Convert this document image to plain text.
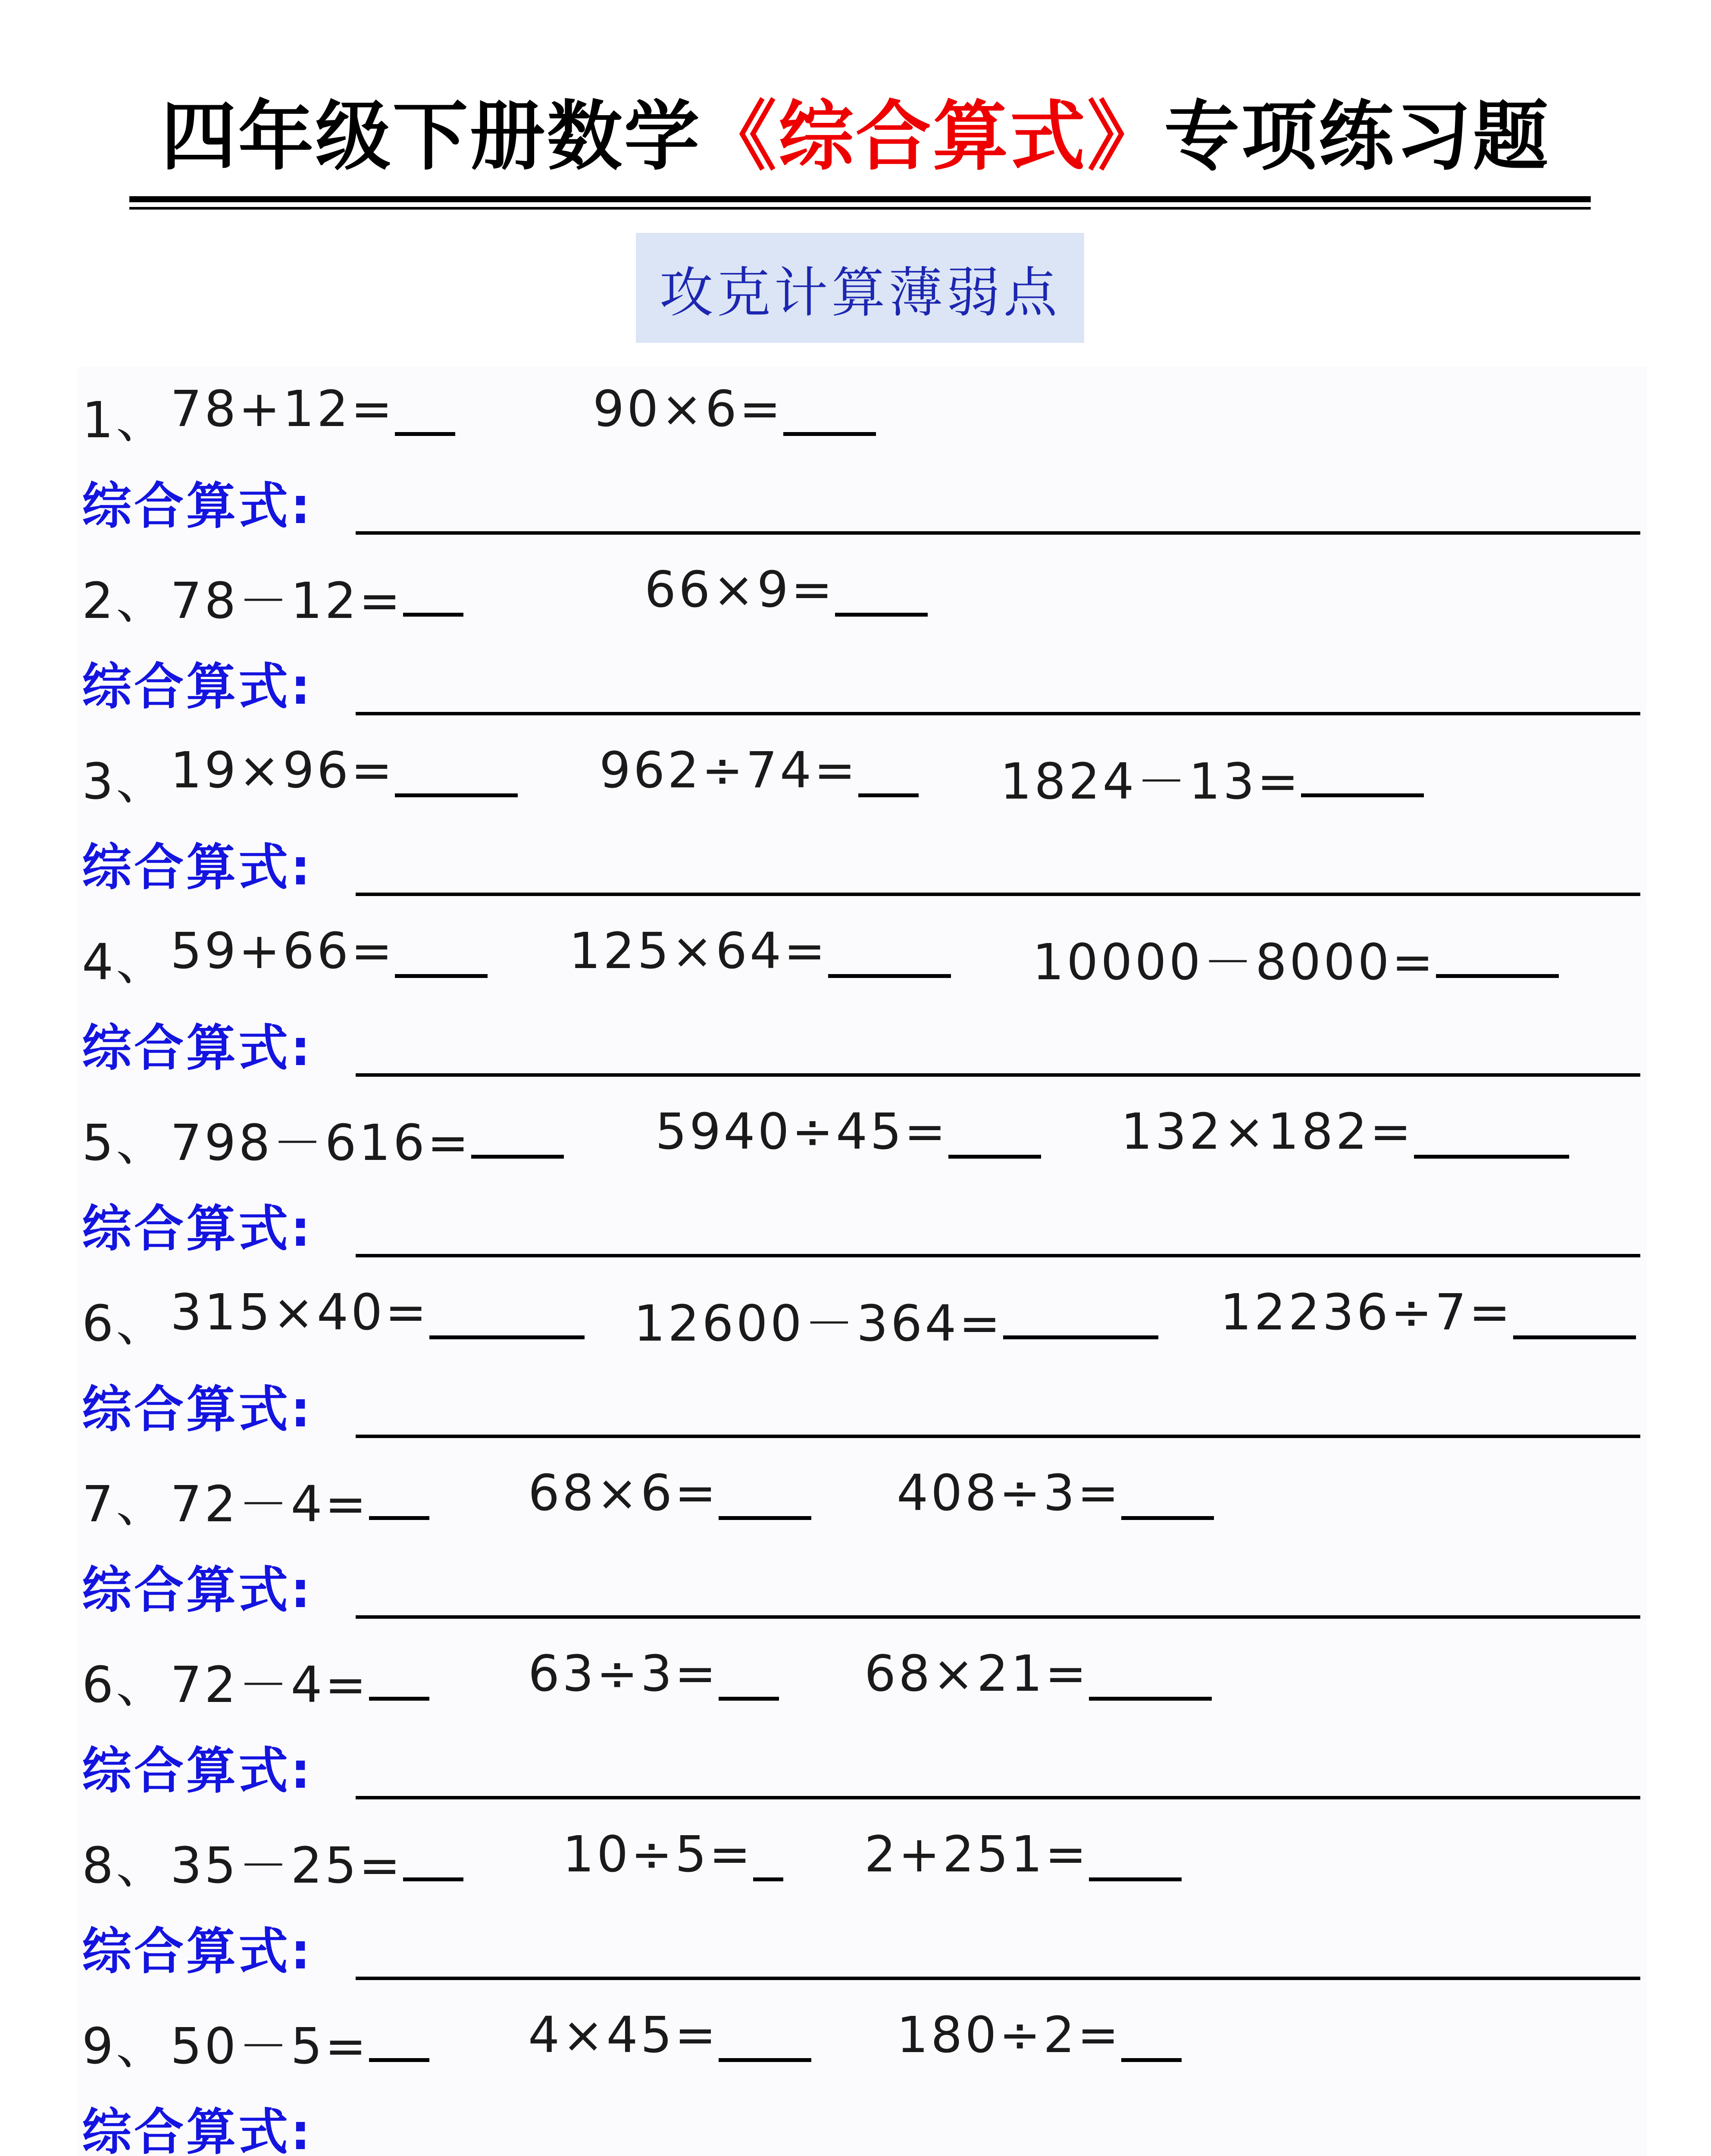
四年级下册数学《综合算式》专项练习题
攻克计算薄弱点
1、 78+12=	90×6=
综合算式:
2、 78－12=	66×9=
综合算式:
3、 19×96=	962÷74=	1824－13=
综合算式:
4、 59+66=	125×64=	10000－8000=
综合算式:
5、 798－616=	5940÷45=	132×182=
综合算式:
6、 315×40=	12600－364=	12236÷7=
综合算式:
7、 72－4=	68×6=	408÷3=
综合算式:
6、 72－4=	63÷3=	68×21=
综合算式:
8、 35－25=	10÷5=	2+251=
综合算式:
9、 50－5=	4×45=	180÷2=
综合算式:
